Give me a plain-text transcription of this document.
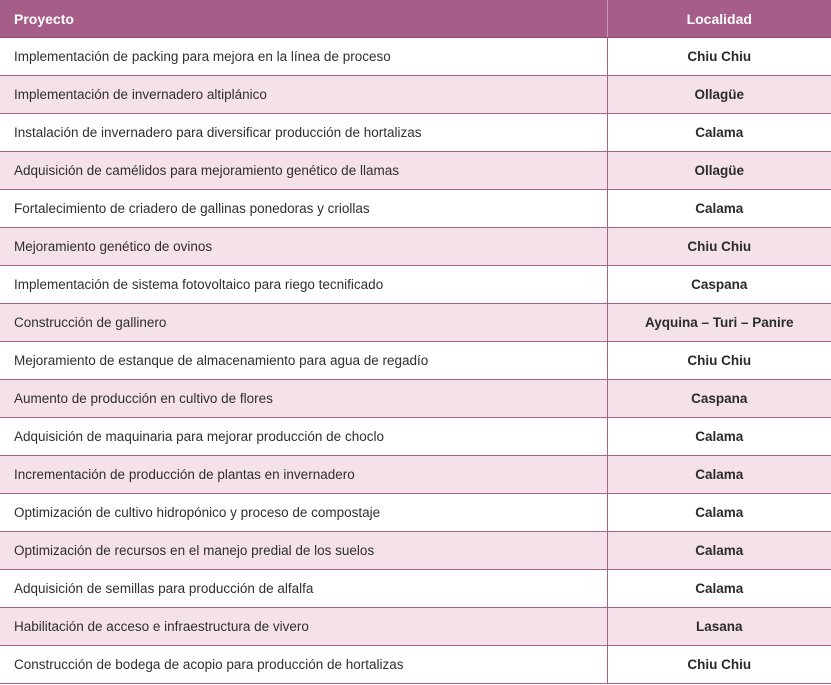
Proyecto	Localidad
Implementación de packing para mejora en la línea de proceso	Chiu Chiu
Implementación de invernadero altiplánico	Ollagüe
Instalación de invernadero para diversificar producción de hortalizas	Calama
Adquisición de camélidos para mejoramiento genético de llamas	Ollagüe
Fortalecimiento de criadero de gallinas ponedoras y criollas	Calama
Mejoramiento genético de ovinos	Chiu Chiu
Implementación de sistema fotovoltaico para riego tecnificado	Caspana
Construcción de gallinero	Ayquina – Turi – Panire
Mejoramiento de estanque de almacenamiento para agua de regadío	Chiu Chiu
Aumento de producción en cultivo de flores	Caspana
Adquisición de maquinaria para mejorar producción de choclo	Calama
Incrementación de producción de plantas en invernadero	Calama
Optimización de cultivo hidropónico y proceso de compostaje	Calama
Optimización de recursos en el manejo predial de los suelos	Calama
Adquisición de semillas para producción de alfalfa	Calama
Habilitación de acceso e infraestructura de vivero	Lasana
Construcción de bodega de acopio para producción de hortalizas	Chiu Chiu
